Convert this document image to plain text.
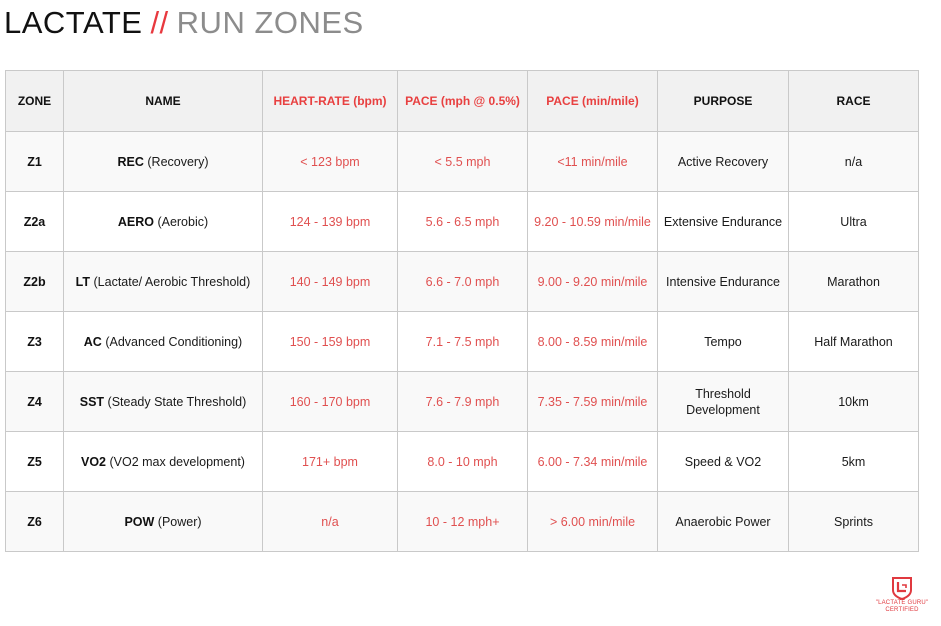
LACTATE // RUN ZONES
ZONE	NAME	HEART-RATE (bpm)	PACE (mph @ 0.5%)	PACE (min/mile)	PURPOSE	RACE
Z1	REC (Recovery)	< 123 bpm	< 5.5 mph	<11 min/mile	Active Recovery	n/a
Z2a	AERO (Aerobic)	124 - 139 bpm	5.6 - 6.5 mph	9.20 - 10.59 min/mile	Extensive Endurance	Ultra
Z2b	LT (Lactate/ Aerobic Threshold)	140 - 149 bpm	6.6 - 7.0 mph	9.00 - 9.20 min/mile	Intensive Endurance	Marathon
Z3	AC (Advanced Conditioning)	150 - 159 bpm	7.1 - 7.5 mph	8.00 - 8.59 min/mile	Tempo	Half Marathon
Z4	SST (Steady State Threshold)	160 - 170 bpm	7.6 - 7.9 mph	7.35 - 7.59 min/mile	Threshold Development	10km
Z5	VO2 (VO2 max development)	171+ bpm	8.0 - 10 mph	6.00 - 7.34 min/mile	Speed & VO2	5km
Z6	POW (Power)	n/a	10 - 12 mph+	> 6.00 min/mile	Anaerobic Power	Sprints
"LACTATE GURU"
CERTIFIED
